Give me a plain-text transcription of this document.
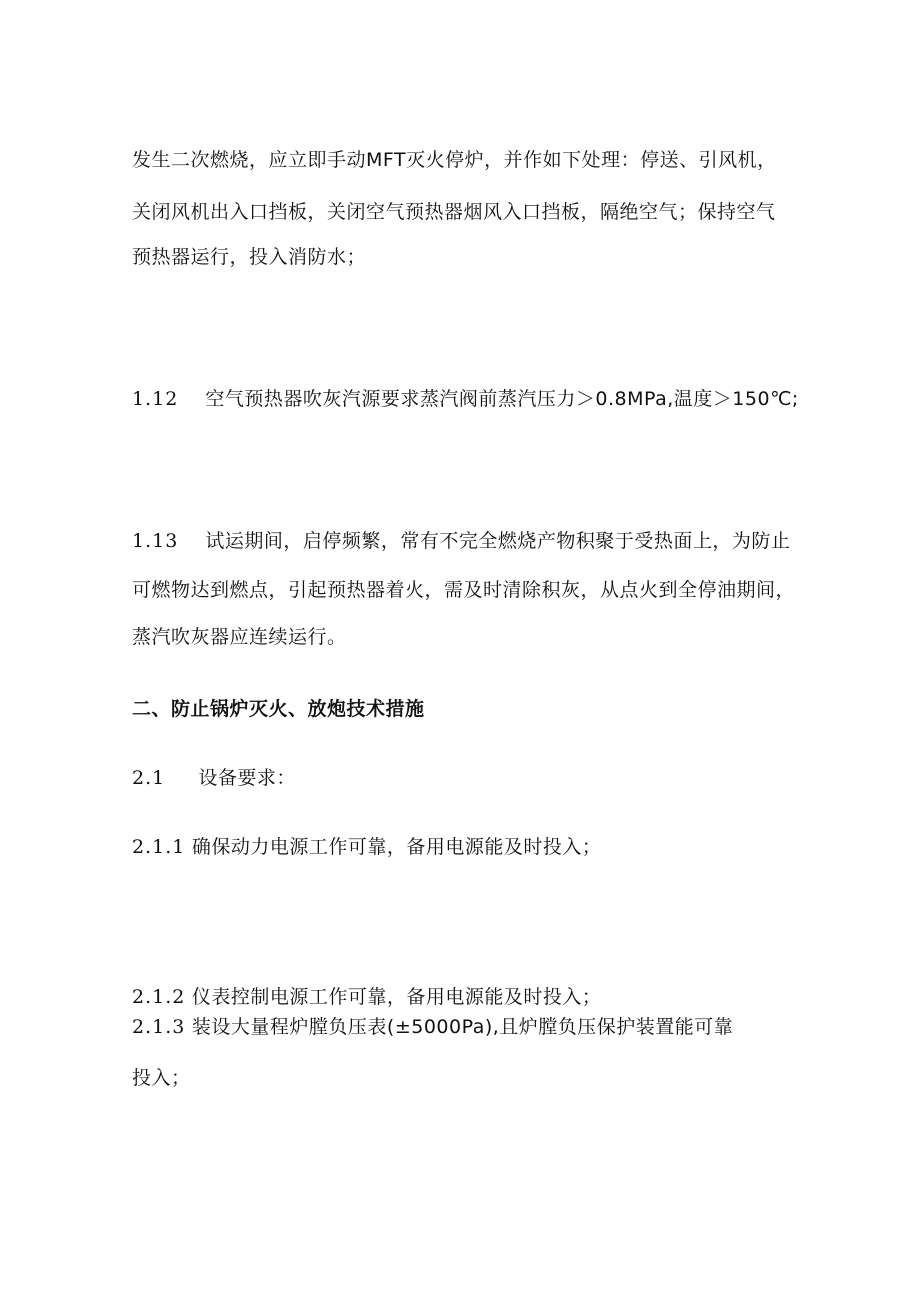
发生二次燃烧，应立即手动MFT灭火停炉，并作如下处理：停送、引风机，
关闭风机出入口挡板，关闭空气预热器烟风入口挡板，隔绝空气；保持空气
预热器运行，投入消防水；
1.12 空气预热器吹灰汽源要求蒸汽阀前蒸汽压力＞0.8MPa,温度＞150℃;
1.13 试运期间，启停频繁，常有不完全燃烧产物积聚于受热面上，为防止
可燃物达到燃点，引起预热器着火，需及时清除积灰，从点火到全停油期间，
蒸汽吹灰器应连续运行。
二、防止锅炉灭火、放炮技术措施
2.1 设备要求：
2.1.1 确保动力电源工作可靠，备用电源能及时投入；
2.1.2 仪表控制电源工作可靠，备用电源能及时投入；
2.1.3 装设大量程炉膛负压表(±5000Pa),且炉膛负压保护装置能可靠
投入；
